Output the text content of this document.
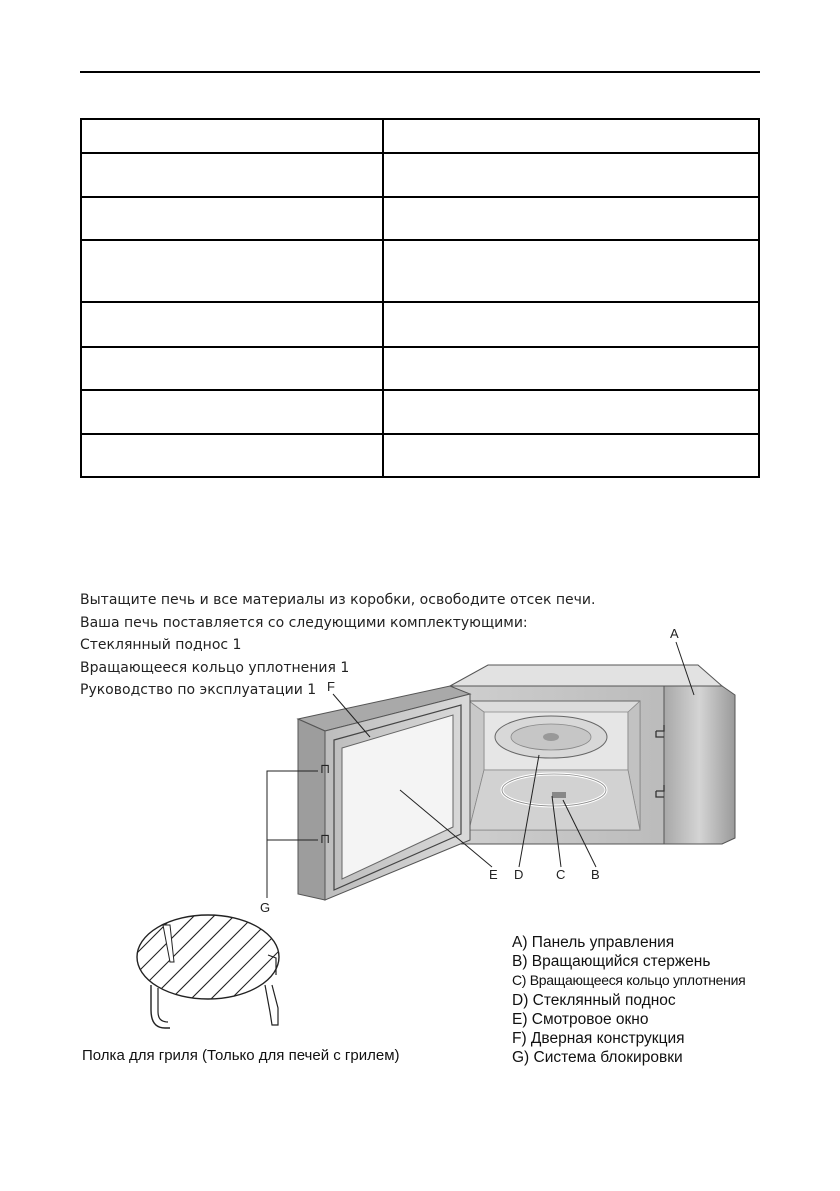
Вытащите печь и все материалы из коробки, освободите отсек печи.
Ваша печь поставляется со следующими комплектующими:
Стеклянный поднос 1
Вращающееся кольцо уплотнения 1
Руководство по эксплуатации 1
⊓
⊓
A
F
E D	C B
G
A) Панель управления
B) Вращающийся стержень
C) Вращающееся кольцо уплотнения
D) Стеклянный поднос
E) Смотровое окно
F) Дверная конструкция
G) Система блокировки
Полка для гриля (Только для печей с грилем)
